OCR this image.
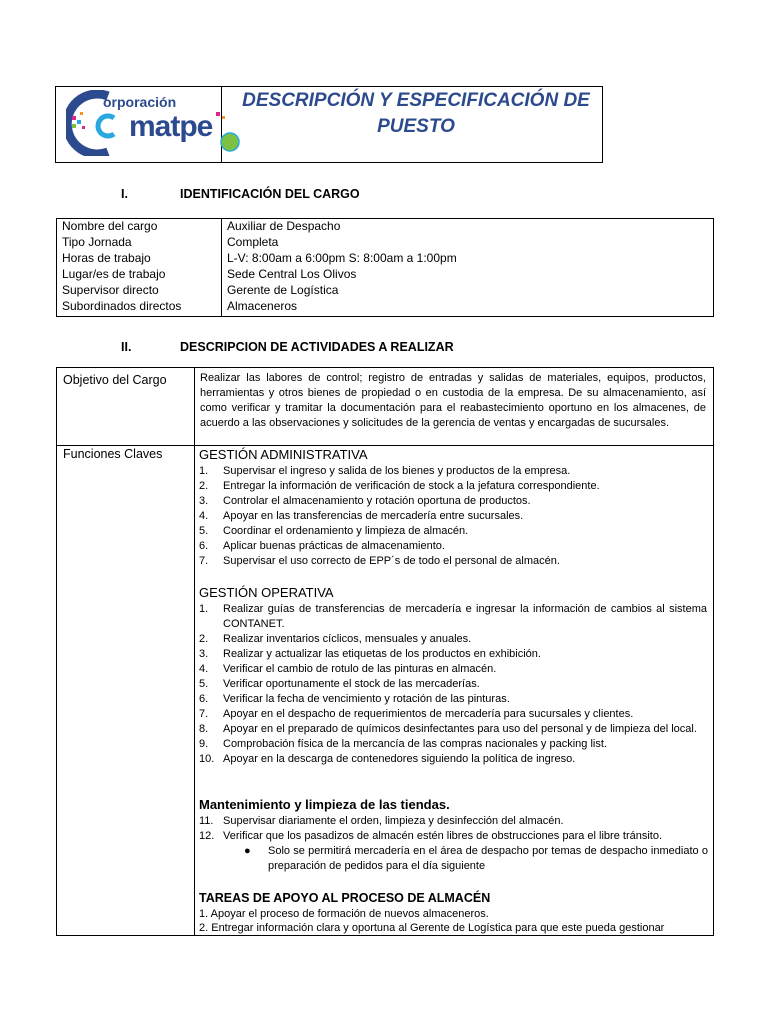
orporación
matpe
DESCRIPCIÓN Y ESPECIFICACIÓN DE
PUESTO
I.	IDENTIFICACIÓN DEL CARGO
Nombre del cargo	Auxiliar de Despacho
Tipo Jornada	Completa
Horas de trabajo	L-V: 8:00am a 6:00pm S: 8:00am a 1:00pm
Lugar/es de trabajo	Sede Central Los Olivos
Supervisor directo	Gerente de Logística
Subordinados directos	Almaceneros
II.	DESCRIPCION DE ACTIVIDADES A REALIZAR
Objetivo del Cargo	Realizar las labores de control; registro de entradas y salidas de materiales, equipos, productos, herramientas y otros bienes de propiedad o en custodia de la empresa. De su almacenamiento, así como verificar y tramitar la documentación para el reabastecimiento oportuno en los almacenes, de acuerdo a las observaciones y solicitudes de la gerencia de ventas y encargadas de sucursales.
Funciones Claves	GESTIÓN ADMINISTRATIVA
1. Supervisar el ingreso y salida de los bienes y productos de la empresa.
2. Entregar la información de verificación de stock a la jefatura correspondiente.
3. Controlar el almacenamiento y rotación oportuna de productos.
4. Apoyar en las transferencias de mercadería entre sucursales.
5. Coordinar el ordenamiento y limpieza de almacén.
6. Aplicar buenas prácticas de almacenamiento.
7. Supervisar el uso correcto de EPP´s de todo el personal de almacén.
GESTIÓN OPERATIVA
1.	Realizar guías de transferencias de mercadería e ingresar la información de cambios al sistema CONTANET.
2. Realizar inventarios cíclicos, mensuales y anuales.
3. Realizar y actualizar las etiquetas de los productos en exhibición.
4. Verificar el cambio de rotulo de las pinturas en almacén.
5. Verificar oportunamente el stock de las mercaderías.
6. Verificar la fecha de vencimiento y rotación de las pinturas.
7. Apoyar en el despacho de requerimientos de mercadería para sucursales y clientes.
8.	Apoyar en el preparado de químicos desinfectantes para uso del personal y de limpieza del local.
9. Comprobación física de la mercancía de las compras nacionales y packing list.
10. Apoyar en la descarga de contenedores siguiendo la política de ingreso.
Mantenimiento y limpieza de las tiendas.
11. Supervisar diariamente el orden, limpieza y desinfección del almacén.
12. Verificar que los pasadizos de almacén estén libres de obstrucciones para el libre tránsito.
●	Solo se permitirá mercadería en el área de despacho por temas de despacho inmediato o preparación de pedidos para el día siguiente
TAREAS DE APOYO AL PROCESO DE ALMACÉN
1. Apoyar el proceso de formación de nuevos almaceneros.
2. Entregar información clara y oportuna al Gerente de Logística para que este pueda gestionar
